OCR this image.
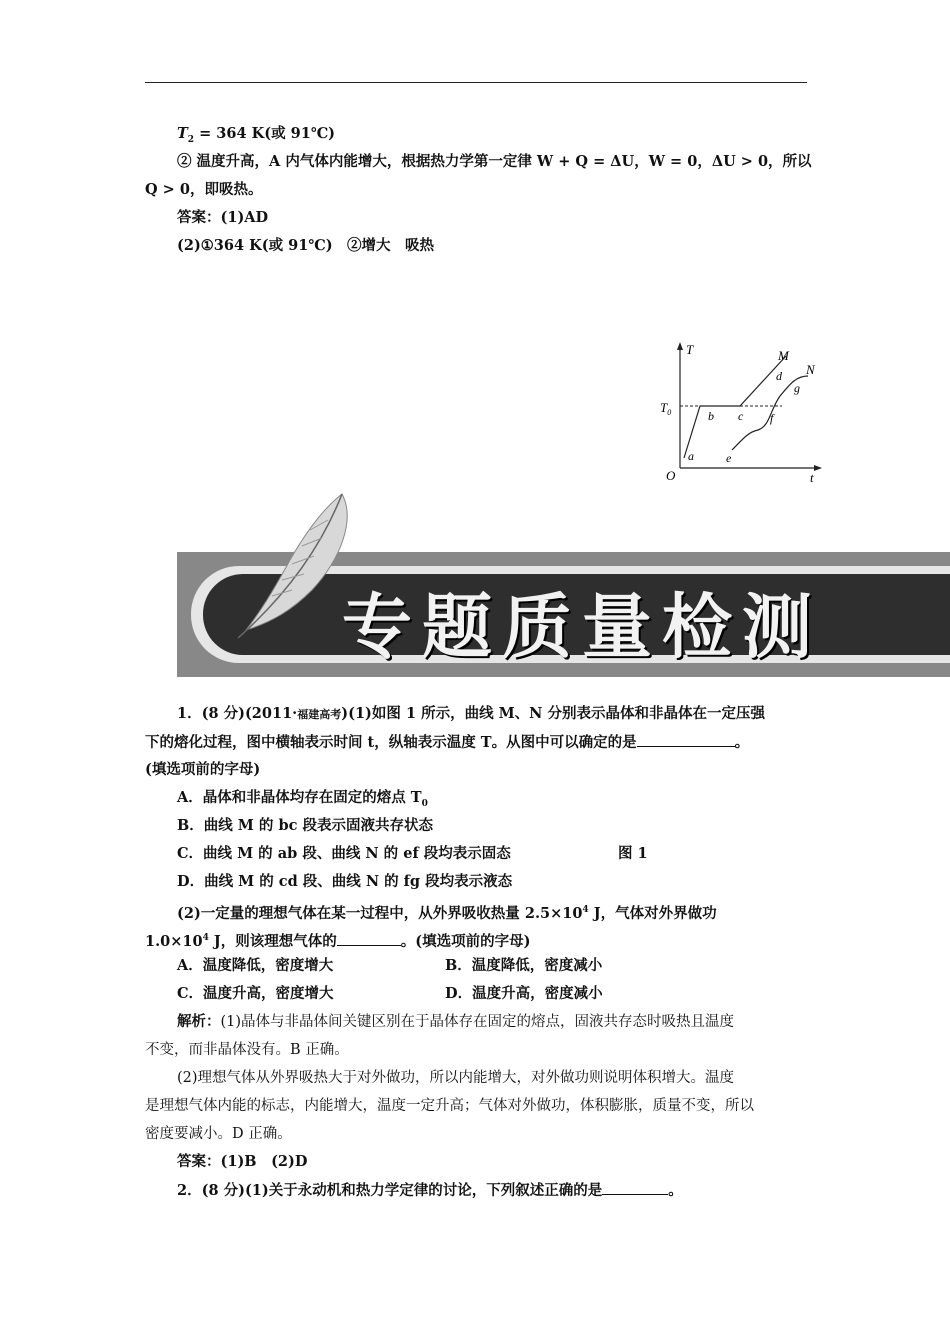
$T_2 = 364$ K(或 91℃)
② 温度升高，A 内气体内能增大，根据热力学第一定律 W + Q = ΔU，W = 0，ΔU > 0，所以
Q > 0，即吸热。
答案：(1)AD
(2)①364 K(或 91℃)　②增大　吸热
T
t
O
$T_0$
M
N
a
b c
d
e
f
g
专题质量检测
1．(8 分)(2011·福建高考)(1)如图 1 所示，曲线 M、N 分别表示晶体和非晶体在一定压强
下的熔化过程，图中横轴表示时间 t，纵轴表示温度 T。从图中可以确定的是	。
(填选项前的字母)
A．晶体和非晶体均存在固定的熔点 $T_0$
B．曲线 M 的 bc 段表示固液共存状态
C．曲线 M 的 ab 段、曲线 N 的 ef 段均表示固态	图 1
D．曲线 M 的 cd 段、曲线 N 的 fg 段均表示液态
(2)一定量的理想气体在某一过程中，从外界吸收热量 $2.5\times 10^4$ J，气体对外界做功
$1.0\times 10^4$ J，则该理想气体的	。(填选项前的字母)
A．温度降低，密度增大	B．温度降低，密度减小
C．温度升高，密度增大	D．温度升高，密度减小
解析：(1)晶体与非晶体间关键区别在于晶体存在固定的熔点，固液共存态时吸热且温度
不变，而非晶体没有。B 正确。
(2)理想气体从外界吸热大于对外做功，所以内能增大，对外做功则说明体积增大。温度
是理想气体内能的标志，内能增大，温度一定升高；气体对外做功，体积膨胀，质量不变，所以
密度要减小。D 正确。
答案：(1)B　(2)D
2．(8 分)(1)关于永动机和热力学定律的讨论，下列叙述正确的是	。
